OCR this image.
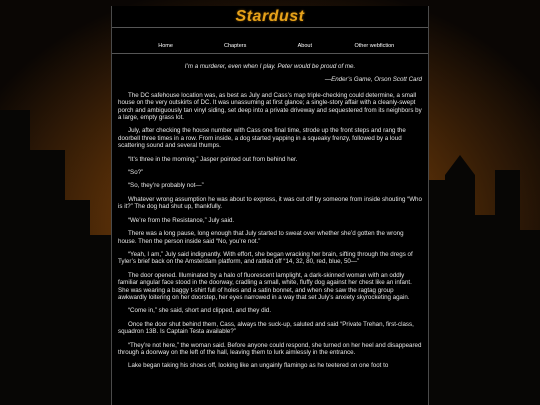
Stardust
Home	Chapters	About	Other webfiction

I’m a murderer, even when I play. Peter would be proud of me.

—Ender’s Game, Orson Scott Card

The DC safehouse location was, as best as July and Cass’s map triple-checking could determine, a small house on the very outskirts of DC. It was unassuming at first glance; a single-story affair with a cleanly-swept porch and ambiguously tan vinyl siding, set deep into a private driveway and sequestered from its neighbors by a large, empty grass lot.

July, after checking the house number with Cass one final time, strode up the front steps and rang the doorbell three times in a row. From inside, a dog started yapping in a squeaky frenzy, followed by a loud scattering sound and several thumps.

“It’s three in the morning,” Jasper pointed out from behind her.

“So?”

“So, they’re probably not—”

Whatever wrong assumption he was about to express, it was cut off by someone from inside shouting “Who is it?” The dog had shut up, thankfully.

“We’re from the Resistance,” July said.

There was a long pause, long enough that July started to sweat over whether she’d gotten the wrong house. Then the person inside said “No, you’re not.”

“Yeah, I am,” July said indignantly. With effort, she began wracking her brain, sifting through the dregs of Tyler’s brief back on the Amsterdam platform, and rattled off “14, 32, 80, red, blue, 50—”

The door opened. Illuminated by a halo of fluorescent lamplight, a dark-skinned woman with an oddly familiar angular face stood in the doorway, cradling a small, white, fluffy dog against her chest like an infant. She was wearing a baggy t-shirt full of holes and a satin bonnet, and when she saw the ragtag group awkwardly loitering on her doorstep, her eyes narrowed in a way that set July’s anxiety skyrocketing again.

“Come in,” she said, short and clipped, and they did.

Once the door shut behind them, Cass, always the suck-up, saluted and said “Private Trehan, first-class, squadron 13B. Is Captain Testa available?”

“They’re not here,” the woman said. Before anyone could respond, she turned on her heel and disappeared through a doorway on the left of the hall, leaving them to lurk aimlessly in the entrance.

Lake began taking his shoes off, looking like an ungainly flamingo as he teetered on one foot to
